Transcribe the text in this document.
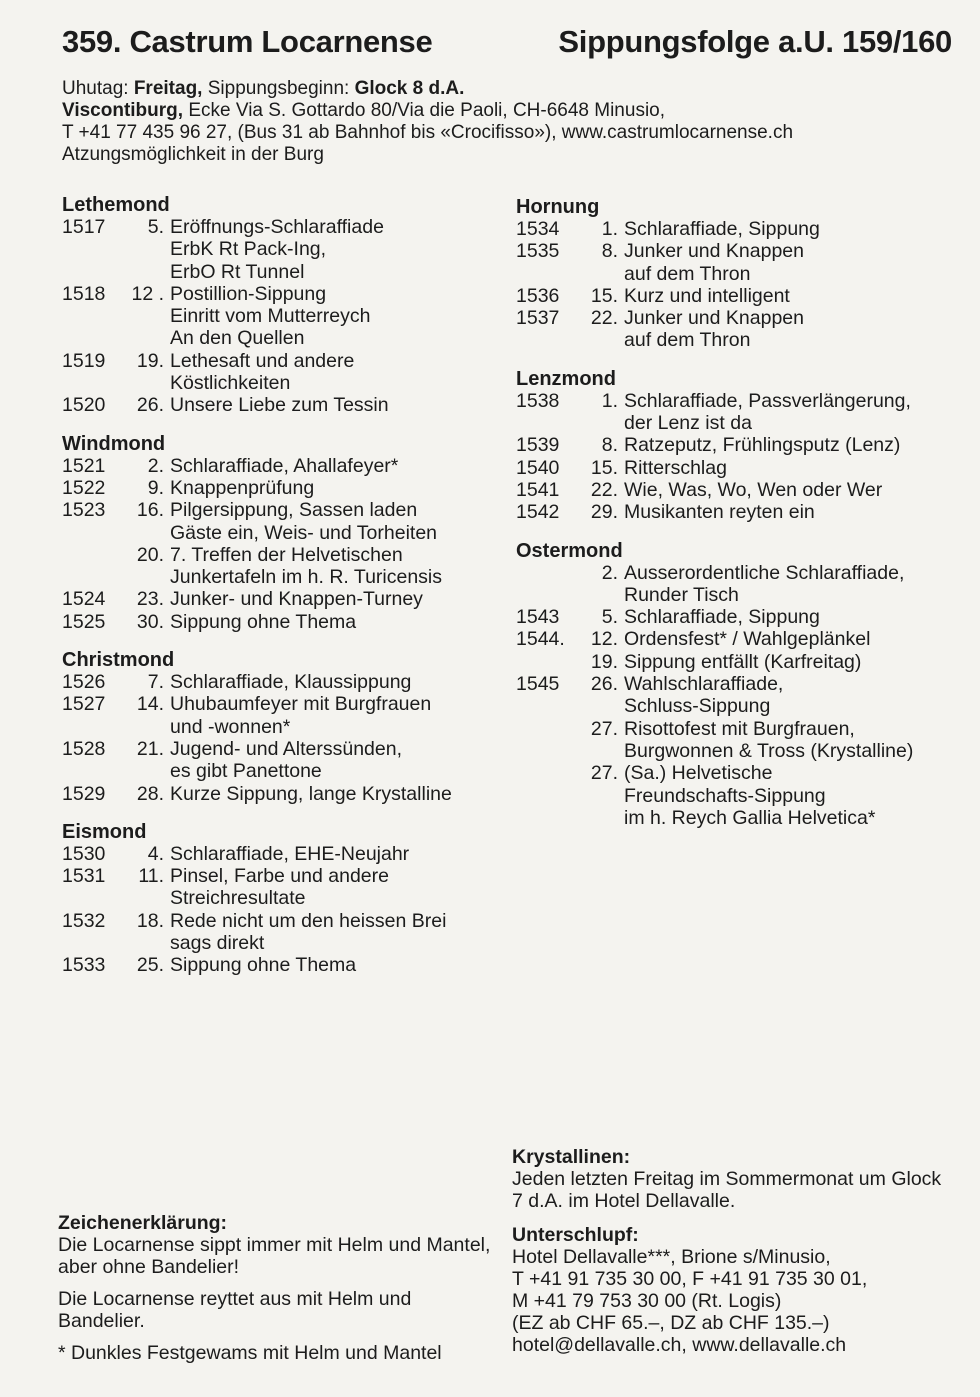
359. Castrum Locarnense	Sippungsfolge a.U. 159/160

Uhutag: Freitag, Sippungsbeginn: Glock 8 d.A.

Viscontiburg, Ecke Via S. Gottardo 80/Via die Paoli, CH-6648 Minusio,

T +41 77 435 96 27, (Bus 31 ab Bahnhof bis «Crocifisso»), www.castrumlocarnense.ch

Atzungsmöglichkeit in der Burg

Lethemond
1517	5. Eröffnungs-Schlaraffiade
ErbK Rt Pack-Ing,
ErbO Rt Tunnel
1518	12 . Postillion-Sippung
Einritt vom Mutterreych
An den Quellen
1519	19. Lethesaft und andere
Köstlichkeiten
1520	26. Unsere Liebe zum Tessin
Windmond
1521	2. Schlaraffiade, Ahallafeyer*
1522	9. Knappenprüfung
1523	16. Pilgersippung, Sassen laden
Gäste ein, Weis- und Torheiten
20. 7. Treffen der Helvetischen
Junkertafeln im h. R. Turicensis
1524	23. Junker- und Knappen-Turney
1525	30. Sippung ohne Thema
Christmond
1526	7. Schlaraffiade, Klaussippung
1527	14. Uhubaumfeyer mit Burgfrauen
und -wonnen*
1528	21. Jugend- und Alterssünden,
es gibt Panettone
1529	28. Kurze Sippung, lange Krystalline
Eismond
1530	4. Schlaraffiade, EHE-Neujahr
1531	11. Pinsel, Farbe und andere
Streichresultate
1532	18. Rede nicht um den heissen Brei
sags direkt
1533	25. Sippung ohne Thema
Hornung
1534	1. Schlaraffiade, Sippung
1535	8. Junker und Knappen
auf dem Thron
1536	15. Kurz und intelligent
1537	22. Junker und Knappen
auf dem Thron
Lenzmond
1538	1. Schlaraffiade, Passverlängerung,
der Lenz ist da
1539	8. Ratzeputz, Frühlingsputz (Lenz)
1540	15. Ritterschlag
1541	22. Wie, Was, Wo, Wen oder Wer
1542	29. Musikanten reyten ein
Ostermond
2. Ausserordentliche Schlaraffiade,
Runder Tisch
1543	5. Schlaraffiade, Sippung
1544.	12. Ordensfest* / Wahlgeplänkel
19. Sippung entfällt (Karfreitag)
1545	26. Wahlschlaraffiade,
Schluss-Sippung
27. Risottofest mit Burgfrauen,
Burgwonnen & Tross (Krystalline)
27. (Sa.) Helvetische
Freundschafts-Sippung
im h. Reych Gallia Helvetica*
Zeichenerklärung:

Die Locarnense sippt immer mit Helm und Mantel, aber ohne Bandelier!

Die Locarnense reyttet aus mit Helm und Bandelier.

* Dunkles Festgewams mit Helm und Mantel

Krystallinen:

Jeden letzten Freitag im Sommermonat um Glock 7 d.A. im Hotel Dellavalle.

Unterschlupf:
Hotel Dellavalle***, Brione s/Minusio,
T +41 91 735 30 00, F +41 91 735 30 01,
M +41 79 753 30 00 (Rt. Logis)
(EZ ab CHF 65.–, DZ ab CHF 135.–)
hotel@dellavalle.ch, www.dellavalle.ch
